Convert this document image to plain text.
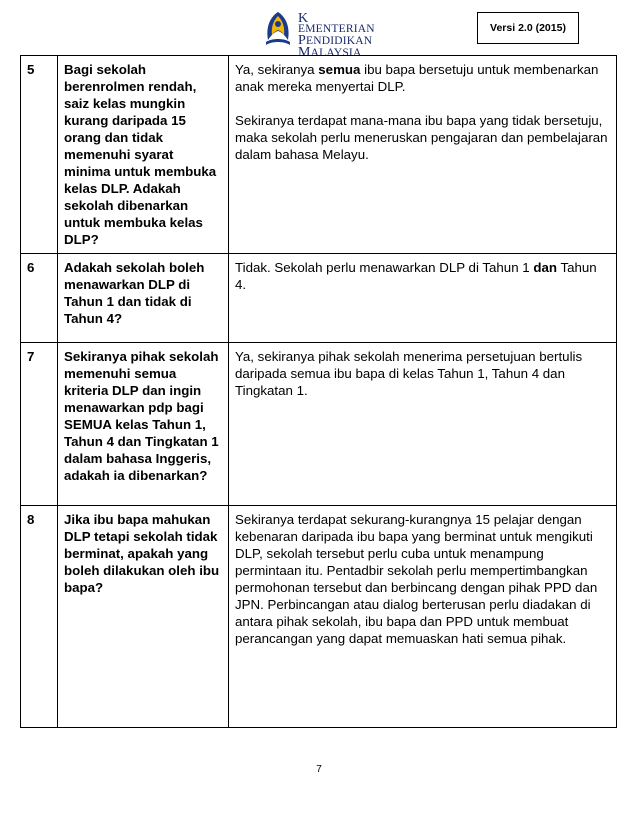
K
EMENTERIAN
PENDIDIKAN
MALAYSIA
Versi 2.0 (2015)
5	Bagi sekolah berenrolmen rendah, saiz kelas mungkin kurang daripada 15 orang dan tidak memenuhi syarat minima untuk membuka kelas DLP. Adakah sekolah dibenarkan untuk membuka kelas DLP?	Ya, sekiranya semua ibu bapa bersetuju untuk membenarkan anak mereka menyertai DLP.

Sekiranya terdapat mana-mana ibu bapa yang tidak bersetuju, maka sekolah perlu meneruskan pengajaran dan pembelajaran dalam bahasa Melayu.

6	Adakah sekolah boleh menawarkan DLP di Tahun 1 dan tidak di Tahun 4?	Tidak. Sekolah perlu menawarkan DLP di Tahun 1 dan Tahun 4.
7	Sekiranya pihak sekolah memenuhi semua kriteria DLP dan ingin menawarkan pdp bagi SEMUA kelas Tahun 1, Tahun 4 dan Tingkatan 1 dalam bahasa Inggeris, adakah ia dibenarkan?	Ya, sekiranya pihak sekolah menerima persetujuan bertulis daripada semua ibu bapa di kelas Tahun 1, Tahun 4 dan Tingkatan 1.
8	Jika ibu bapa mahukan DLP tetapi sekolah tidak berminat, apakah yang boleh dilakukan oleh ibu bapa?	Sekiranya terdapat sekurang-kurangnya 15 pelajar dengan kebenaran daripada ibu bapa yang berminat untuk mengikuti DLP, sekolah tersebut perlu cuba untuk menampung permintaan itu. Pentadbir sekolah perlu mempertimbangkan permohonan tersebut dan berbincang dengan pihak PPD dan JPN. Perbincangan atau dialog berterusan perlu diadakan di antara pihak sekolah, ibu bapa dan PPD untuk membuat perancangan yang dapat memuaskan hati semua pihak.
7
